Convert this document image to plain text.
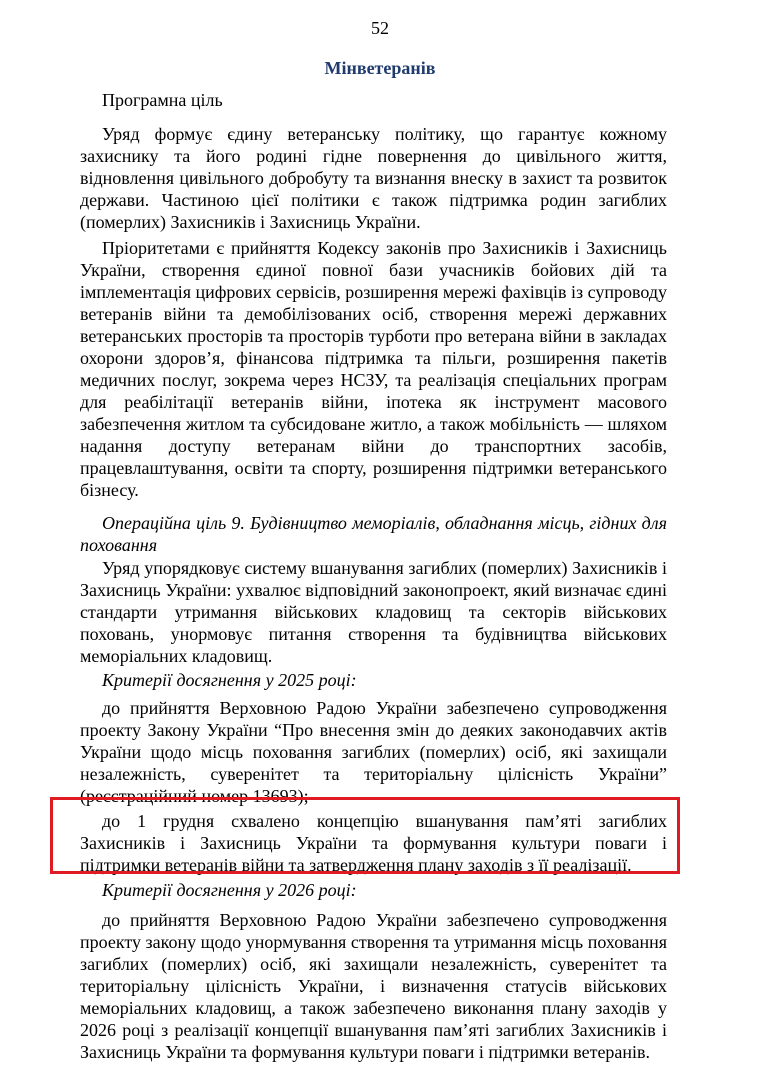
52
Мінветеранів
Програмна ціль
Уряд формує єдину ветеранську політику, що гарантує кожному захиснику та його родині гідне повернення до цивільного життя, відновлення цивільного добробуту та визнання внеску в захист та розвиток держави. Частиною цієї політики є також підтримка родин загиблих (померлих) Захисників і Захисниць України.
Пріоритетами є прийняття Кодексу законів про Захисників і Захисниць України, створення єдиної повної бази учасників бойових дій та імплементація цифрових сервісів, розширення мережі фахівців із супроводу ветеранів війни та демобілізованих осіб, створення мережі державних ветеранських просторів та просторів турботи про ветерана війни в закладах охорони здоров’я, фінансова підтримка та пільги, розширення пакетів медичних послуг, зокрема через НСЗУ, та реалізація спеціальних програм для реабілітації ветеранів війни, іпотека як інструмент масового забезпечення житлом та субсидоване житло, а також мобільність — шляхом надання доступу ветеранам війни до транспортних засобів, працевлаштування, освіти та спорту, розширення підтримки ветеранського бізнесу.
Операційна ціль 9. Будівництво меморіалів, обладнання місць, гідних для поховання
Уряд упорядковує систему вшанування загиблих (померлих) Захисників і Захисниць України: ухвалює відповідний законопроект, який визначає єдині стандарти утримання військових кладовищ та секторів військових поховань, унормовує питання створення та будівництва військових меморіальних кладовищ.
Критерії досягнення у 2025 році:
до прийняття Верховною Радою України забезпечено супроводження проекту Закону України “Про внесення змін до деяких законодавчих актів України щодо місць поховання загиблих (померлих) осіб, які захищали незалежність, суверенітет та територіальну цілісність України” (реєстраційний номер 13693);
до 1 грудня схвалено концепцію вшанування пам’яті загиблих Захисників і Захисниць України та формування культури поваги і підтримки ветеранів війни та затвердження плану заходів з її реалізації.
Критерії досягнення у 2026 році:
до прийняття Верховною Радою України забезпечено супроводження проекту закону щодо унормування створення та утримання місць поховання загиблих (померлих) осіб, які захищали незалежність, суверенітет та територіальну цілісність України, і визначення статусів військових меморіальних кладовищ, а також забезпечено виконання плану заходів у 2026 році з реалізації концепції вшанування пам’яті загиблих Захисників і Захисниць України та формування культури поваги і підтримки ветеранів.
